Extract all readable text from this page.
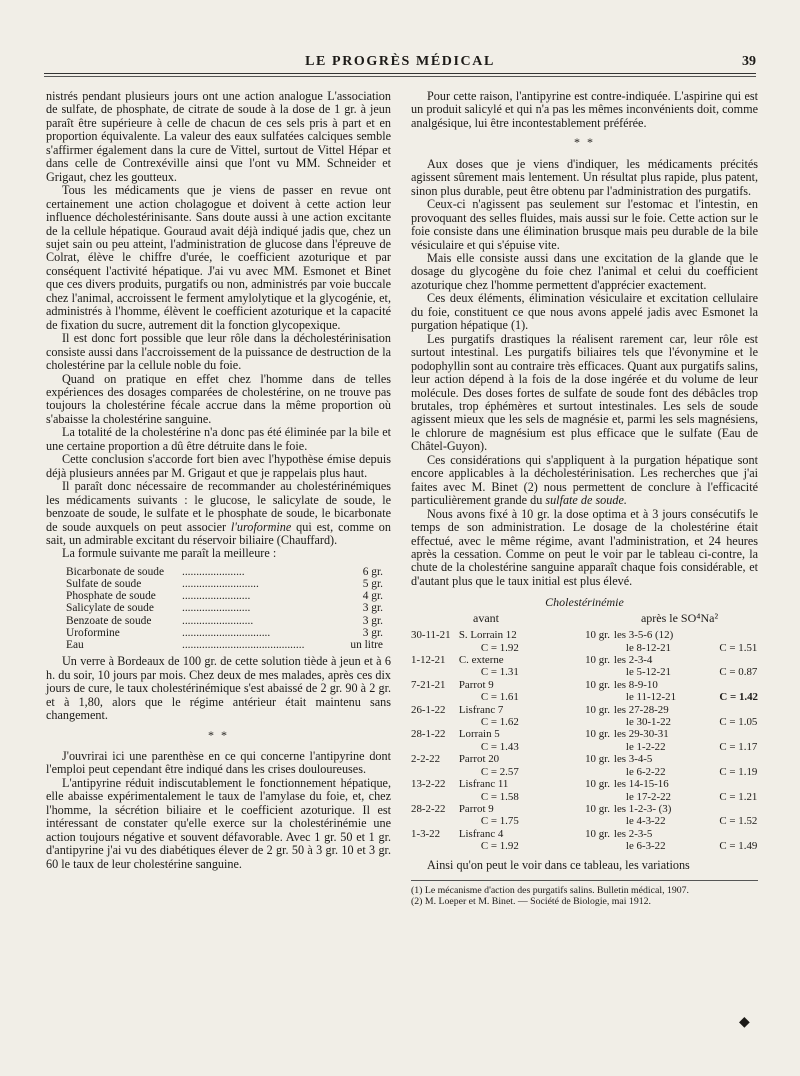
LE PROGRÈS MÉDICAL	39

nistrés pendant plusieurs jours ont une action analogue L'association de sulfate, de phosphate, de citrate de soude à la dose de 1 gr. à jeun paraît être supérieure à celle de chacun de ces sels pris à part et en proportion équivalente. La valeur des eaux sulfatées calciques semble s'affirmer également dans la cure de Vittel, surtout de Vittel Hépar et dans celle de Contrexéville ainsi que l'ont vu MM. Schneider et Grigaut, chez les goutteux.

Tous les médicaments que je viens de passer en revue ont certainement une action cholagogue et doivent à cette action leur influence décholestérinisante. Sans doute aussi à une action excitante de la cellule hépatique. Gouraud avait déjà indiqué jadis que, chez un sujet sain ou peu atteint, l'administration de glucose dans l'épreuve de Colrat, élève le chiffre d'urée, le coefficient azoturique et par conséquent l'activité hépatique. J'ai vu avec MM. Esmonet et Binet que ces divers produits, purgatifs ou non, administrés par voie buccale chez l'animal, accroissent le ferment amylolytique et la glycogénie, et, administrés à l'homme, élèvent le coefficient azoturique et la capacité de fixation du sucre, autrement dit la fonction glycopexique.

Il est donc fort possible que leur rôle dans la décholestérinisation consiste aussi dans l'accroissement de la puissance de destruction de la cholestérine par la cellule noble du foie.

Quand on pratique en effet chez l'homme dans de telles expériences des dosages comparées de cholestérine, on ne trouve pas toujours la cholestérine fécale accrue dans la même proportion où s'abaisse la cholestérine sanguine.

La totalité de la cholestérine n'a donc pas été éliminée par la bile et une certaine proportion a dû être détruite dans le foie.

Cette conclusion s'accorde fort bien avec l'hypothèse émise depuis déjà plusieurs années par M. Grigaut et que je rappelais plus haut.

Il paraît donc nécessaire de recommander au cholestérinémiques les médicaments suivants : le glucose, le salicylate de soude, le benzoate de soude, le sulfate et le phosphate de soude, le bicarbonate de soude auxquels on peut associer l'uroformine qui est, comme on sait, un admirable excitant du réservoir biliaire (Chauffard).

La formule suivante me paraît la meilleure :

Bicarbonate de soude	......................	6 gr.
Sulfate de soude	...........................	5 gr.
Phosphate de soude	........................	4 gr.
Salicylate de soude	........................	3 gr.
Benzoate de soude	.........................	3 gr.
Uroformine	...............................	3 gr.
Eau	...........................................	un litre

Un verre à Bordeaux de 100 gr. de cette solution tiède à jeun et à 6 h. du soir, 10 jours par mois. Chez deux de mes malades, après ces dix jours de cure, le taux cholestérinémique s'est abaissé de 2 gr. 90 à 2 gr. et à 1,80, alors que le régime antérieur était maintenu sans changement.

* *

J'ouvrirai ici une parenthèse en ce qui concerne l'antipyrine dont l'emploi peut cependant être indiqué dans les crises douloureuses.

L'antipyrine réduit indiscutablement le fonctionnement hépatique, elle abaisse expérimentalement le taux de l'amylase du foie, et, chez l'homme, la sécrétion biliaire et le coefficient azoturique. Il est intéressant de constater qu'elle exerce sur la cholestérinémie une action toujours négative et souvent défavorable. Avec 1 gr. 50 et 1 gr. d'antipyrine j'ai vu des diabétiques élever de 2 gr. 50 à 3 gr. 10 et 3 gr. 60 le taux de leur cholestérine sanguine.

Pour cette raison, l'antipyrine est contre-indiquée. L'aspirine qui est un produit salicylé et qui n'a pas les mêmes inconvénients doit, comme analgésique, lui être incontestablement préférée.

* *

Aux doses que je viens d'indiquer, les médicaments précités agissent sûrement mais lentement. Un résultat plus rapide, plus patent, sinon plus durable, peut être obtenu par l'administration des purgatifs.

Ceux-ci n'agissent pas seulement sur l'estomac et l'intestin, en provoquant des selles fluides, mais aussi sur le foie. Cette action sur le foie consiste dans une élimination brusque mais peu durable de la bile vésiculaire et qui s'épuise vite.

Mais elle consiste aussi dans une excitation de la glande que le dosage du glycogène du foie chez l'animal et celui du coefficient azoturique chez l'homme permettent d'apprécier exactement.

Ces deux éléments, élimination vésiculaire et excitation cellulaire du foie, constituent ce que nous avons appelé jadis avec Esmonet la purgation hépatique (1).

Les purgatifs drastiques la réalisent rarement car, leur rôle est surtout intestinal. Les purgatifs biliaires tels que l'évonymine et le podophyllin sont au contraire très efficaces. Quant aux purgatifs salins, leur action dépend à la fois de la dose ingérée et du volume de leur molécule. Des doses fortes de sulfate de soude font des débâcles trop brutales, trop éphémères et surtout intestinales. Les sels de soude agissent mieux que les sels de magnésie et, parmi les sels magnésiens, le chlorure de magnésium est plus efficace que le sulfate (Eau de Châtel-Guyon).

Ces considérations qui s'appliquent à la purgation hépatique sont encore applicables à la décholestérinisation. Les recherches que j'ai faites avec M. Binet (2) nous permettent de conclure à l'efficacité particulièrement grande du sulfate de soude.

Nous avons fixé à 10 gr. la dose optima et à 3 jours consécutifs le temps de son administration. Le dosage de la cholestérine était effectué, avec le même régime, avant l'administration, et 24 heures après la cessation. Comme on peut le voir par le tableau ci-contre, la chute de la cholestérine sanguine apparaît chaque fois considérable, et d'autant plus que le taux initial est plus élevé.

Cholestérinémie
avant	après le SO⁴Na²
30-11-21	S. Lorrain 12	10 gr.	les 3-5-6 (12)	
	C = 1.92		le 8-12-21	C = 1.51
1-12-21	C. externe	10 gr.	les 2-3-4	
	C = 1.31		le 5-12-21	C = 0.87
7-21-21	Parrot 9	10 gr.	les 8-9-10	
	C = 1.61		le 11-12-21	C = 1.42
26-1-22	Lisfranc 7	10 gr.	les 27-28-29	
	C = 1.62		le 30-1-22	C = 1.05
28-1-22	Lorrain 5	10 gr.	les 29-30-31	
	C = 1.43		le 1-2-22	C = 1.17
2-2-22	Parrot 20	10 gr.	les 3-4-5	
	C = 2.57		le 6-2-22	C = 1.19
13-2-22	Lisfranc 11	10 gr.	les 14-15-16	
	C = 1.58		le 17-2-22	C = 1.21
28-2-22	Parrot 9	10 gr.	les 1-2-3- (3)	
	C = 1.75		le 4-3-22	C = 1.52
1-3-22	Lisfranc 4	10 gr.	les 2-3-5	
	C = 1.92		le 6-3-22	C = 1.49

Ainsi qu'on peut le voir dans ce tableau, les variations

(1) Le mécanisme d'action des purgatifs salins. Bulletin médical, 1907.
(2) M. Loeper et M. Binet. — Société de Biologie, mai 1912.
◆
